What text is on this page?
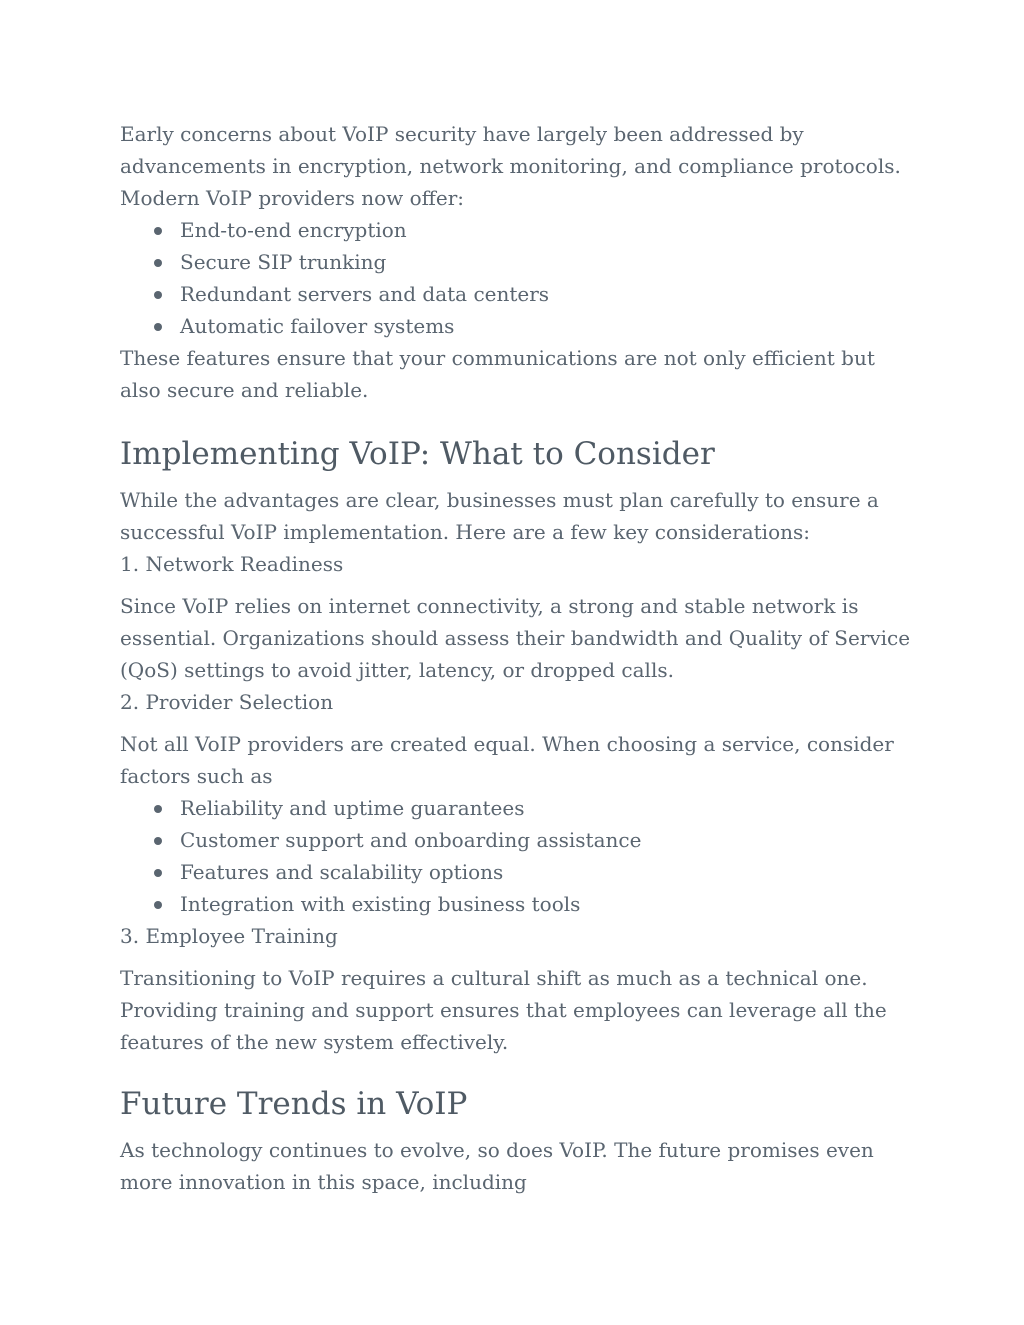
Early concerns about VoIP security have largely been addressed by advancements in encryption, network monitoring, and compliance protocols. Modern VoIP providers now offer:

End-to-end encryption
Secure SIP trunking
Redundant servers and data centers
Automatic failover systems

These features ensure that your communications are not only efficient but also secure and reliable.

Implementing VoIP: What to Consider

While the advantages are clear, businesses must plan carefully to ensure a successful VoIP implementation. Here are a few key considerations:

1. Network Readiness

Since VoIP relies on internet connectivity, a strong and stable network is essential. Organizations should assess their bandwidth and Quality of Service (QoS) settings to avoid jitter, latency, or dropped calls.

2. Provider Selection

Not all VoIP providers are created equal. When choosing a service, consider factors such as

Reliability and uptime guarantees
Customer support and onboarding assistance
Features and scalability options
Integration with existing business tools

3. Employee Training

Transitioning to VoIP requires a cultural shift as much as a technical one. Providing training and support ensures that employees can leverage all the features of the new system effectively.

Future Trends in VoIP

As technology continues to evolve, so does VoIP. The future promises even more innovation in this space, including
